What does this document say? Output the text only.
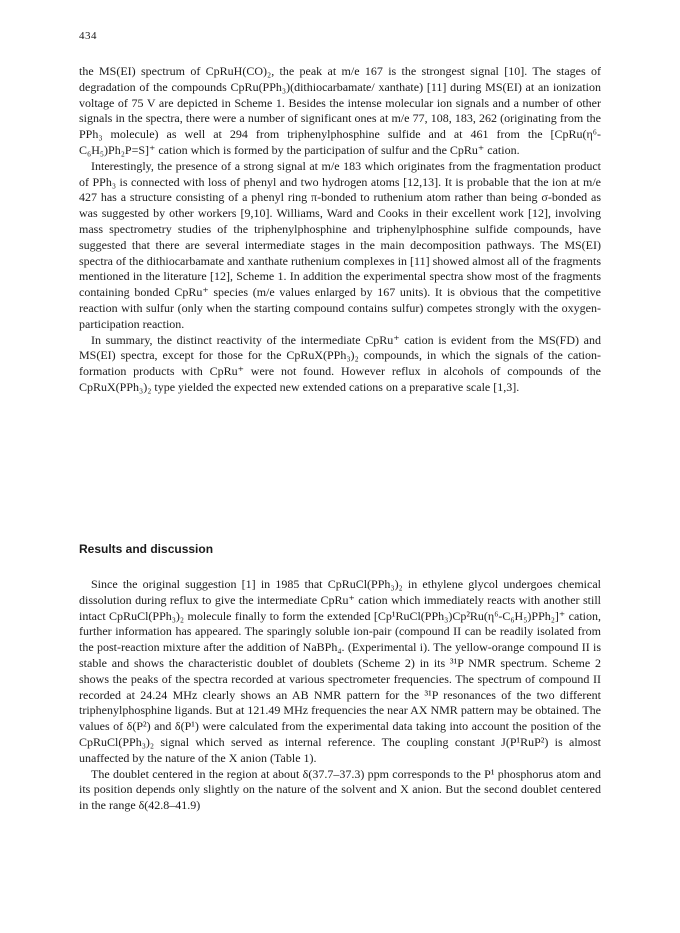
434

the MS(EI) spectrum of CpRuH(CO)₂, the peak at m/e 167 is the strongest signal [10]. The stages of degradation of the compounds CpRu(PPh₃)(dithiocarbamate/ xanthate) [11] during MS(EI) at an ionization voltage of 75 V are depicted in Scheme 1. Besides the intense molecular ion signals and a number of other signals in the spectra, there were a number of significant ones at m/e 77, 108, 183, 262 (originating from the PPh₃ molecule) as well at 294 from triphenylphosphine sulfide and at 461 from the [CpRu(η⁶-C₆H₅)Ph₂P=S]⁺ cation which is formed by the participation of sulfur and the CpRu⁺ cation.

Interestingly, the presence of a strong signal at m/e 183 which originates from the fragmentation product of PPh₃ is connected with loss of phenyl and two hydrogen atoms [12,13]. It is probable that the ion at m/e 427 has a structure consisting of a phenyl ring π-bonded to ruthenium atom rather than being σ-bonded as was suggested by other workers [9,10]. Williams, Ward and Cooks in their excellent work [12], involving mass spectrometry studies of the triphenylphosphine and triphenylphosphine sulfide compounds, have suggested that there are several intermediate stages in the main decomposition pathways. The MS(EI) spectra of the dithiocarbamate and xanthate ruthenium complexes in [11] showed almost all of the fragments mentioned in the literature [12], Scheme 1. In addition the experimental spectra show most of the fragments containing bonded CpRu⁺ species (m/e values enlarged by 167 units). It is obvious that the competitive reaction with sulfur (only when the starting compound contains sulfur) competes strongly with the oxygen-participation reaction.

In summary, the distinct reactivity of the intermediate CpRu⁺ cation is evident from the MS(FD) and MS(EI) spectra, except for those for the CpRuX(PPh₃)₂ compounds, in which the signals of the cation-formation products with CpRu⁺ were not found. However reflux in alcohols of compounds of the CpRuX(PPh₃)₂ type yielded the expected new extended cations on a preparative scale [1,3].

Results and discussion

Since the original suggestion [1] in 1985 that CpRuCl(PPh₃)₂ in ethylene glycol undergoes chemical dissolution during reflux to give the intermediate CpRu⁺ cation which immediately reacts with another still intact CpRuCl(PPh₃)₂ molecule finally to form the extended [Cp¹RuCl(PPh₃)Cp²Ru(η⁶-C₆H₅)PPh₂]⁺ cation, further information has appeared. The sparingly soluble ion-pair (compound II can be readily isolated from the post-reaction mixture after the addition of NaBPh₄. (Experimental i). The yellow-orange compound II is stable and shows the characteristic doublet of doublets (Scheme 2) in its ³¹P NMR spectrum. Scheme 2 shows the peaks of the spectra recorded at various spectrometer frequencies. The spectrum of compound II recorded at 24.24 MHz clearly shows an AB NMR pattern for the ³¹P resonances of the two different triphenylphosphine ligands. But at 121.49 MHz frequencies the near AX NMR pattern may be obtained. The values of δ(P²) and δ(P¹) were calculated from the experimental data taking into account the position of the CpRuCl(PPh₃)₂ signal which served as internal reference. The coupling constant J(P¹RuP²) is almost unaffected by the nature of the X anion (Table 1).

The doublet centered in the region at about δ(37.7–37.3) ppm corresponds to the P¹ phosphorus atom and its position depends only slightly on the nature of the solvent and X anion. But the second doublet centered in the range δ(42.8–41.9)
